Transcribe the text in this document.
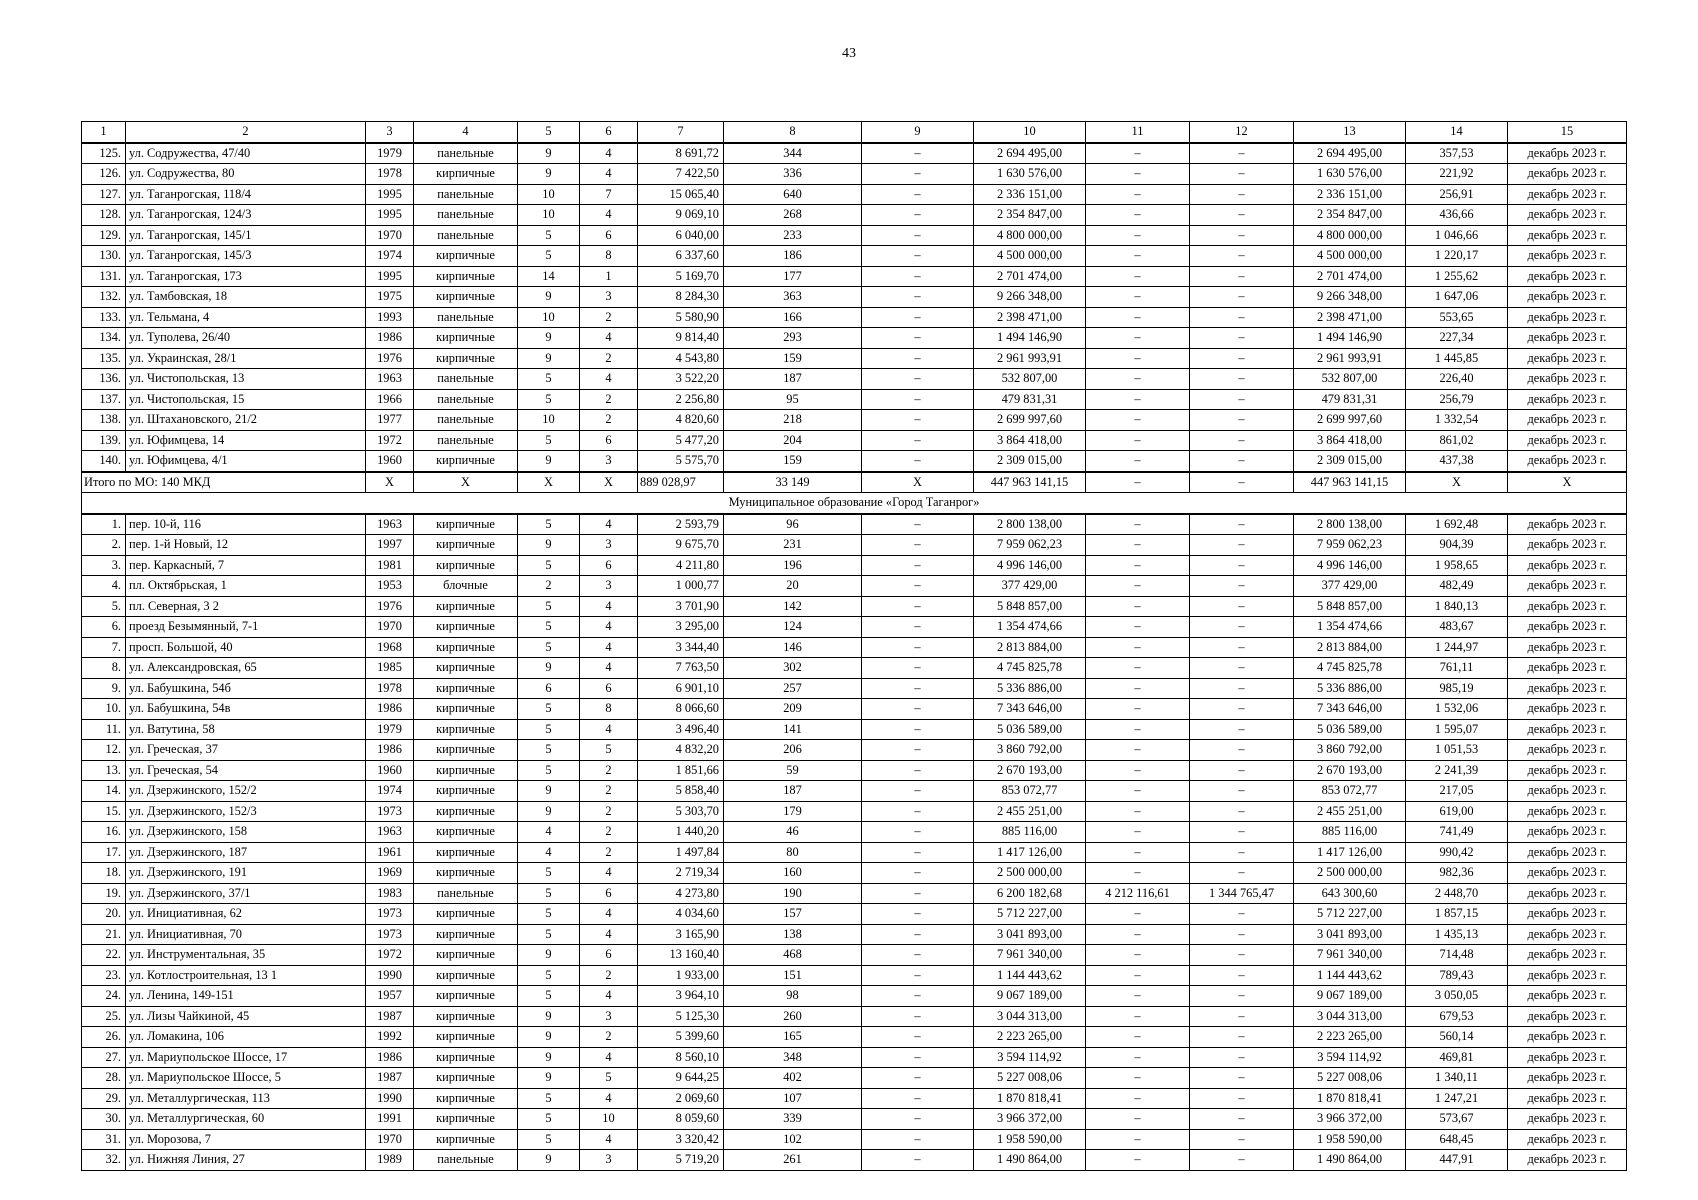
43
1	2	3	4	5	6	7	8	9	10	11	12	13	14	15
125.	ул. Содружества, 47/40	1979	панельные	9	4	8 691,72	344	–	2 694 495,00	–	–	2 694 495,00	357,53	декабрь 2023 г.
126.	ул. Содружества, 80	1978	кирпичные	9	4	7 422,50	336	–	1 630 576,00	–	–	1 630 576,00	221,92	декабрь 2023 г.
127.	ул. Таганрогская, 118/4	1995	панельные	10	7	15 065,40	640	–	2 336 151,00	–	–	2 336 151,00	256,91	декабрь 2023 г.
128.	ул. Таганрогская, 124/3	1995	панельные	10	4	9 069,10	268	–	2 354 847,00	–	–	2 354 847,00	436,66	декабрь 2023 г.
129.	ул. Таганрогская, 145/1	1970	панельные	5	6	6 040,00	233	–	4 800 000,00	–	–	4 800 000,00	1 046,66	декабрь 2023 г.
130.	ул. Таганрогская, 145/3	1974	кирпичные	5	8	6 337,60	186	–	4 500 000,00	–	–	4 500 000,00	1 220,17	декабрь 2023 г.
131.	ул. Таганрогская, 173	1995	кирпичные	14	1	5 169,70	177	–	2 701 474,00	–	–	2 701 474,00	1 255,62	декабрь 2023 г.
132.	ул. Тамбовская, 18	1975	кирпичные	9	3	8 284,30	363	–	9 266 348,00	–	–	9 266 348,00	1 647,06	декабрь 2023 г.
133.	ул. Тельмана, 4	1993	панельные	10	2	5 580,90	166	–	2 398 471,00	–	–	2 398 471,00	553,65	декабрь 2023 г.
134.	ул. Туполева, 26/40	1986	кирпичные	9	4	9 814,40	293	–	1 494 146,90	–	–	1 494 146,90	227,34	декабрь 2023 г.
135.	ул. Украинская, 28/1	1976	кирпичные	9	2	4 543,80	159	–	2 961 993,91	–	–	2 961 993,91	1 445,85	декабрь 2023 г.
136.	ул. Чистопольская, 13	1963	панельные	5	4	3 522,20	187	–	532 807,00	–	–	532 807,00	226,40	декабрь 2023 г.
137.	ул. Чистопольская, 15	1966	панельные	5	2	2 256,80	95	–	479 831,31	–	–	479 831,31	256,79	декабрь 2023 г.
138.	ул. Штахановского, 21/2	1977	панельные	10	2	4 820,60	218	–	2 699 997,60	–	–	2 699 997,60	1 332,54	декабрь 2023 г.
139.	ул. Юфимцева, 14	1972	панельные	5	6	5 477,20	204	–	3 864 418,00	–	–	3 864 418,00	861,02	декабрь 2023 г.
140.	ул. Юфимцева, 4/1	1960	кирпичные	9	3	5 575,70	159	–	2 309 015,00	–	–	2 309 015,00	437,38	декабрь 2023 г.
Итого по МО: 140 МКД		X	X	X	X	889 028,97	33 149	X	447 963 141,15	–	–	447 963 141,15	X	X
Муниципальное образование «Город Таганрог»														
1.	пер. 10-й, 116	1963	кирпичные	5	4	2 593,79	96	–	2 800 138,00	–	–	2 800 138,00	1 692,48	декабрь 2023 г.
2.	пер. 1-й Новый, 12	1997	кирпичные	9	3	9 675,70	231	–	7 959 062,23	–	–	7 959 062,23	904,39	декабрь 2023 г.
3.	пер. Каркасный, 7	1981	кирпичные	5	6	4 211,80	196	–	4 996 146,00	–	–	4 996 146,00	1 958,65	декабрь 2023 г.
4.	пл. Октябрьская, 1	1953	блочные	2	3	1 000,77	20	–	377 429,00	–	–	377 429,00	482,49	декабрь 2023 г.
5.	пл. Северная, 3 2	1976	кирпичные	5	4	3 701,90	142	–	5 848 857,00	–	–	5 848 857,00	1 840,13	декабрь 2023 г.
6.	проезд Безымянный, 7-1	1970	кирпичные	5	4	3 295,00	124	–	1 354 474,66	–	–	1 354 474,66	483,67	декабрь 2023 г.
7.	просп. Большой, 40	1968	кирпичные	5	4	3 344,40	146	–	2 813 884,00	–	–	2 813 884,00	1 244,97	декабрь 2023 г.
8.	ул. Александровская, 65	1985	кирпичные	9	4	7 763,50	302	–	4 745 825,78	–	–	4 745 825,78	761,11	декабрь 2023 г.
9.	ул. Бабушкина, 54б	1978	кирпичные	6	6	6 901,10	257	–	5 336 886,00	–	–	5 336 886,00	985,19	декабрь 2023 г.
10.	ул. Бабушкина, 54в	1986	кирпичные	5	8	8 066,60	209	–	7 343 646,00	–	–	7 343 646,00	1 532,06	декабрь 2023 г.
11.	ул. Ватутина, 58	1979	кирпичные	5	4	3 496,40	141	–	5 036 589,00	–	–	5 036 589,00	1 595,07	декабрь 2023 г.
12.	ул. Греческая, 37	1986	кирпичные	5	5	4 832,20	206	–	3 860 792,00	–	–	3 860 792,00	1 051,53	декабрь 2023 г.
13.	ул. Греческая, 54	1960	кирпичные	5	2	1 851,66	59	–	2 670 193,00	–	–	2 670 193,00	2 241,39	декабрь 2023 г.
14.	ул. Дзержинского, 152/2	1974	кирпичные	9	2	5 858,40	187	–	853 072,77	–	–	853 072,77	217,05	декабрь 2023 г.
15.	ул. Дзержинского, 152/3	1973	кирпичные	9	2	5 303,70	179	–	2 455 251,00	–	–	2 455 251,00	619,00	декабрь 2023 г.
16.	ул. Дзержинского, 158	1963	кирпичные	4	2	1 440,20	46	–	885 116,00	–	–	885 116,00	741,49	декабрь 2023 г.
17.	ул. Дзержинского, 187	1961	кирпичные	4	2	1 497,84	80	–	1 417 126,00	–	–	1 417 126,00	990,42	декабрь 2023 г.
18.	ул. Дзержинского, 191	1969	кирпичные	5	4	2 719,34	160	–	2 500 000,00	–	–	2 500 000,00	982,36	декабрь 2023 г.
19.	ул. Дзержинского, 37/1	1983	панельные	5	6	4 273,80	190	–	6 200 182,68	4 212 116,61	1 344 765,47	643 300,60	2 448,70	декабрь 2023 г.
20.	ул. Инициативная, 62	1973	кирпичные	5	4	4 034,60	157	–	5 712 227,00	–	–	5 712 227,00	1 857,15	декабрь 2023 г.
21.	ул. Инициативная, 70	1973	кирпичные	5	4	3 165,90	138	–	3 041 893,00	–	–	3 041 893,00	1 435,13	декабрь 2023 г.
22.	ул. Инструментальная, 35	1972	кирпичные	9	6	13 160,40	468	–	7 961 340,00	–	–	7 961 340,00	714,48	декабрь 2023 г.
23.	ул. Котлостроительная, 13 1	1990	кирпичные	5	2	1 933,00	151	–	1 144 443,62	–	–	1 144 443,62	789,43	декабрь 2023 г.
24.	ул. Ленина, 149-151	1957	кирпичные	5	4	3 964,10	98	–	9 067 189,00	–	–	9 067 189,00	3 050,05	декабрь 2023 г.
25.	ул. Лизы Чайкиной, 45	1987	кирпичные	9	3	5 125,30	260	–	3 044 313,00	–	–	3 044 313,00	679,53	декабрь 2023 г.
26.	ул. Ломакина, 106	1992	кирпичные	9	2	5 399,60	165	–	2 223 265,00	–	–	2 223 265,00	560,14	декабрь 2023 г.
27.	ул. Мариупольское Шоссе, 17	1986	кирпичные	9	4	8 560,10	348	–	3 594 114,92	–	–	3 594 114,92	469,81	декабрь 2023 г.
28.	ул. Мариупольское Шоссе, 5	1987	кирпичные	9	5	9 644,25	402	–	5 227 008,06	–	–	5 227 008,06	1 340,11	декабрь 2023 г.
29.	ул. Металлургическая, 113	1990	кирпичные	5	4	2 069,60	107	–	1 870 818,41	–	–	1 870 818,41	1 247,21	декабрь 2023 г.
30.	ул. Металлургическая, 60	1991	кирпичные	5	10	8 059,60	339	–	3 966 372,00	–	–	3 966 372,00	573,67	декабрь 2023 г.
31.	ул. Морозова, 7	1970	кирпичные	5	4	3 320,42	102	–	1 958 590,00	–	–	1 958 590,00	648,45	декабрь 2023 г.
32.	ул. Нижняя Линия, 27	1989	панельные	9	3	5 719,20	261	–	1 490 864,00	–	–	1 490 864,00	447,91	декабрь 2023 г.
